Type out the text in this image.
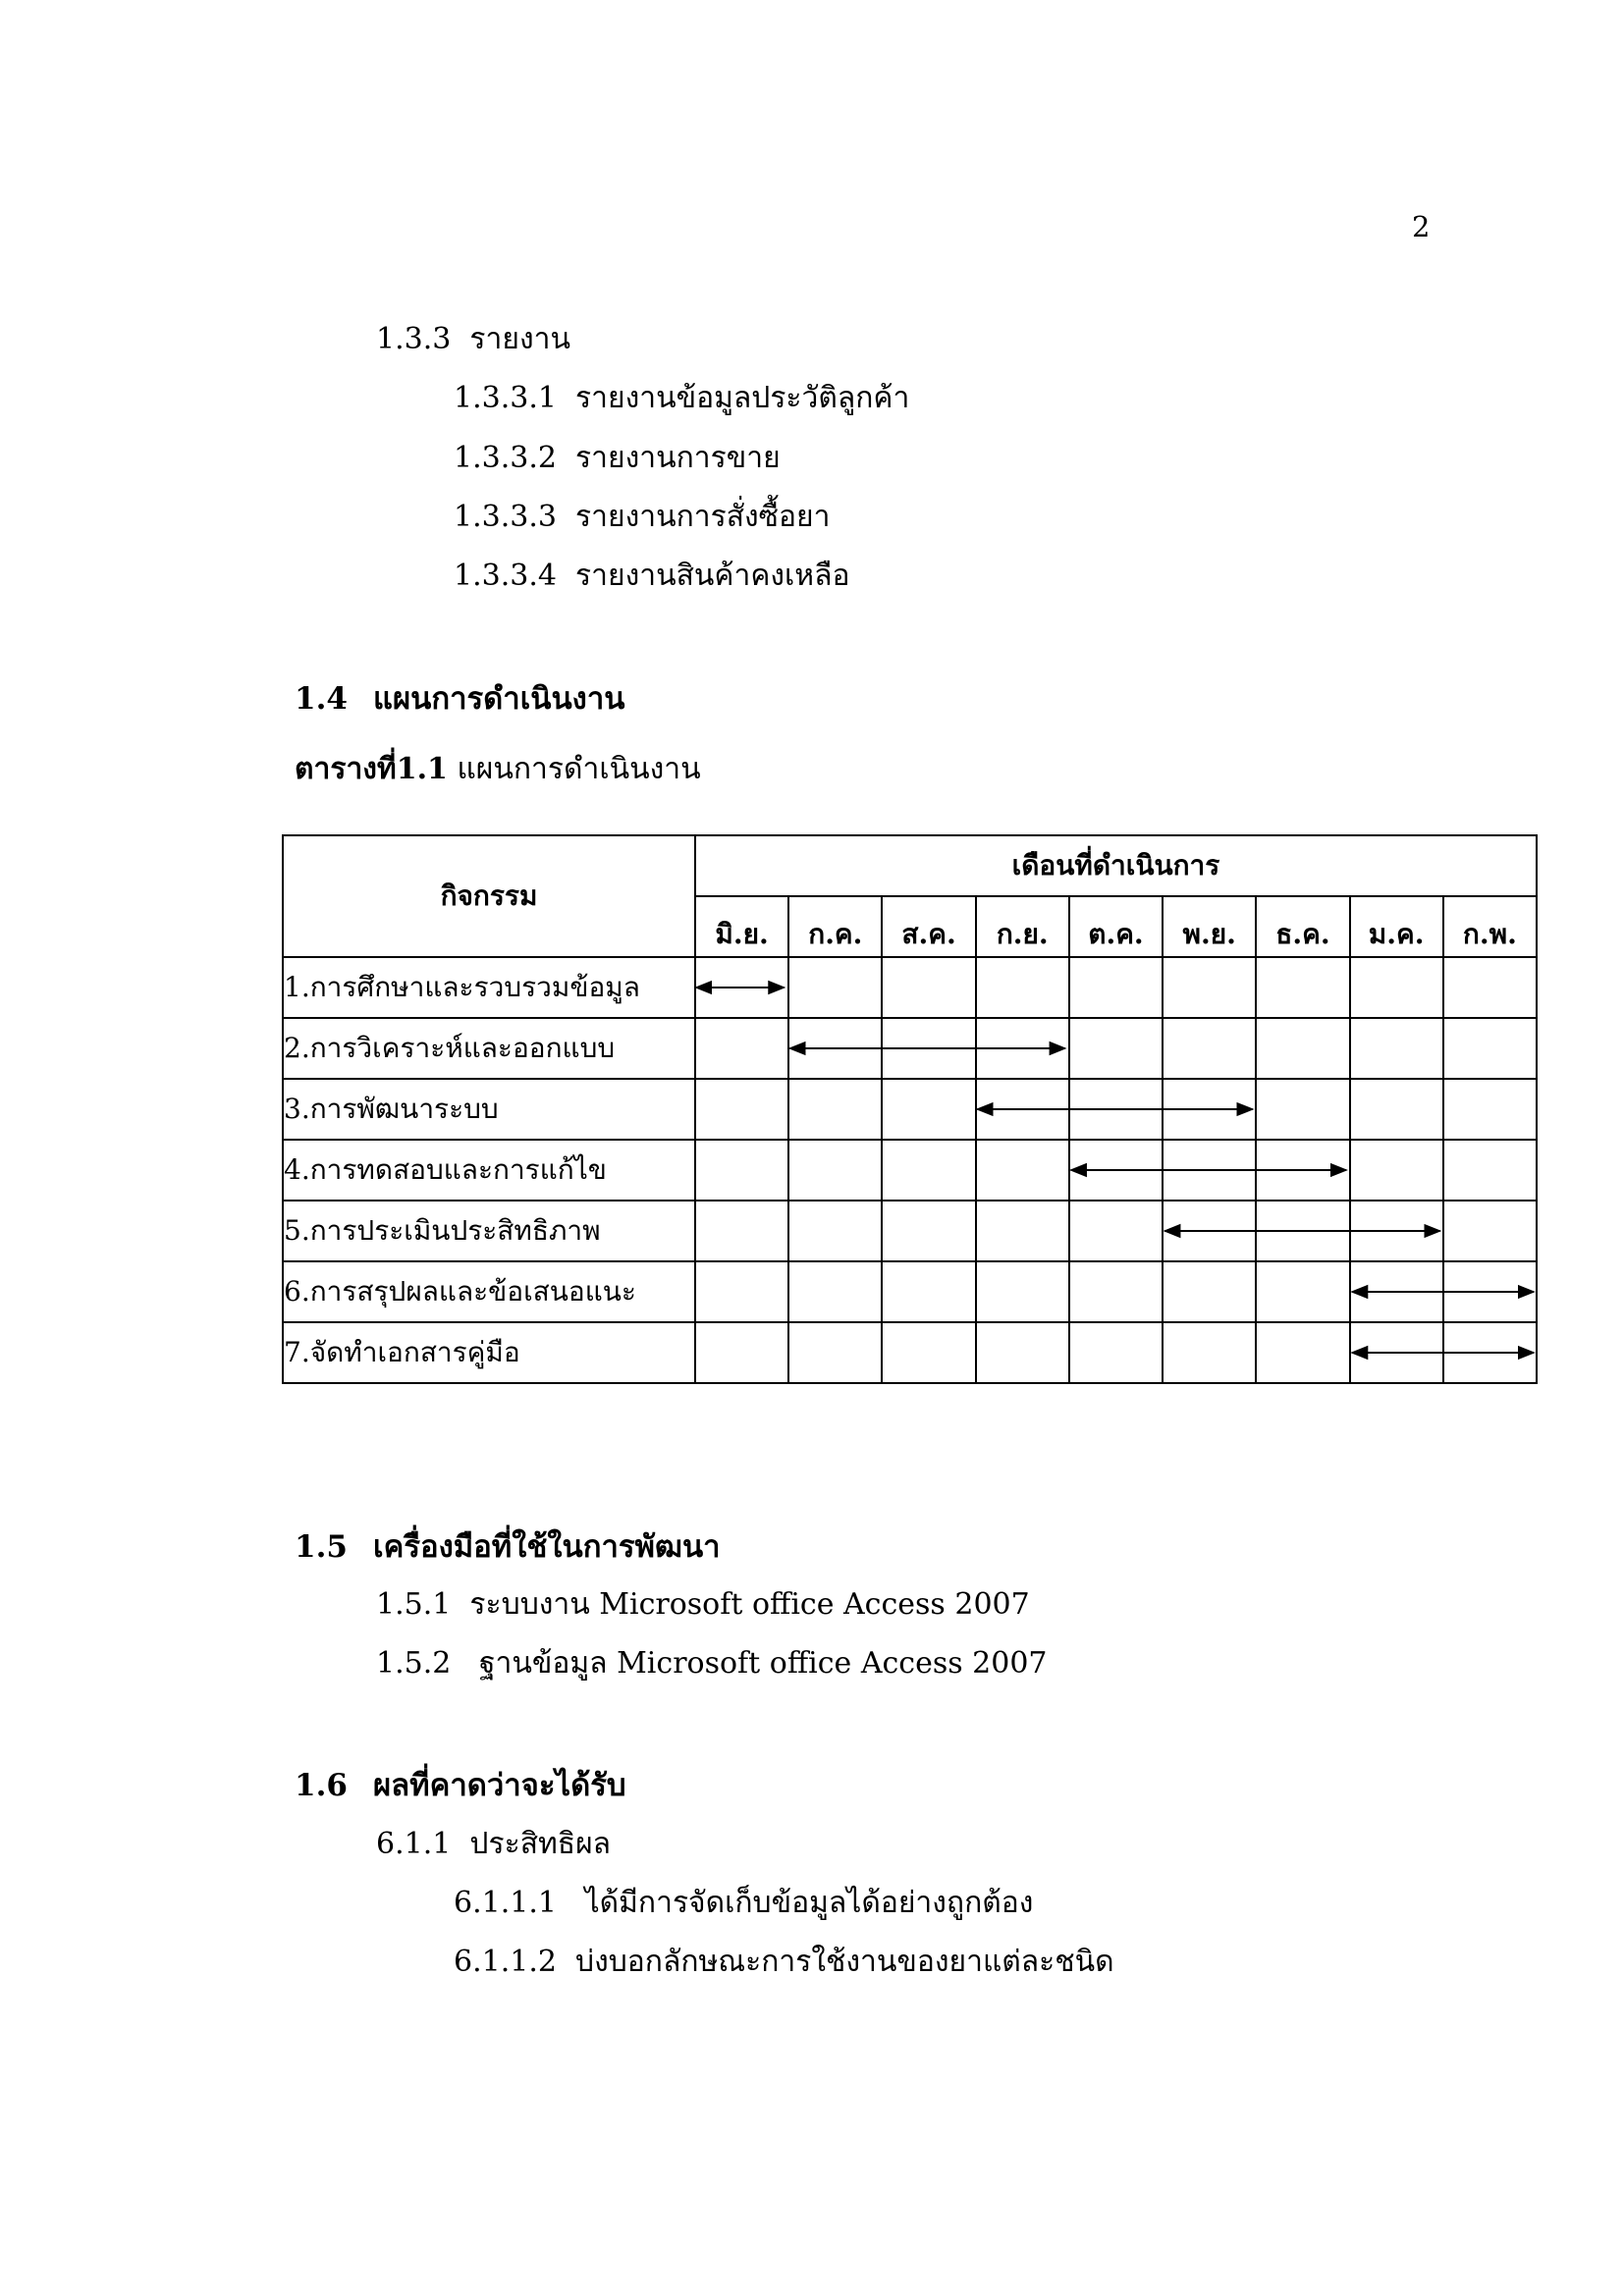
2
1.3.3 รายงาน
1.3.3.1 รายงานข้อมูลประวัติลูกค้า
1.3.3.2 รายงานการขาย
1.3.3.3 รายงานการสั่งซื้อยา
1.3.3.4 รายงานสินค้าคงเหลือ
1.4 แผนการดำเนินงาน
ตารางที่1.1 แผนการดำเนินงาน
กิจกรรม	เดือนที่ดำเนินการ								
	มิ.ย.	ก.ค.	ส.ค.	ก.ย.	ต.ค.	พ.ย.	ธ.ค.	ม.ค.	ก.พ.
1.การศึกษาและรวบรวมข้อมูล									
2.การวิเคราะห์และออกแบบ									
3.การพัฒนาระบบ									
4.การทดสอบและการแก้ไข									
5.การประเมินประสิทธิภาพ									
6.การสรุปผลและข้อเสนอแนะ									
7.จัดทำเอกสารคู่มือ									
1.5 เครื่องมือที่ใช้ในการพัฒนา
1.5.1 ระบบงาน Microsoft office Access 2007
1.5.2   ฐานข้อมูล Microsoft office Access 2007
1.6 ผลที่คาดว่าจะได้รับ
6.1.1 ประสิทธิผล
6.1.1.1   ได้มีการจัดเก็บข้อมูลได้อย่างถูกต้อง
6.1.1.2 บ่งบอกลักษณะการใช้งานของยาแต่ละชนิด
